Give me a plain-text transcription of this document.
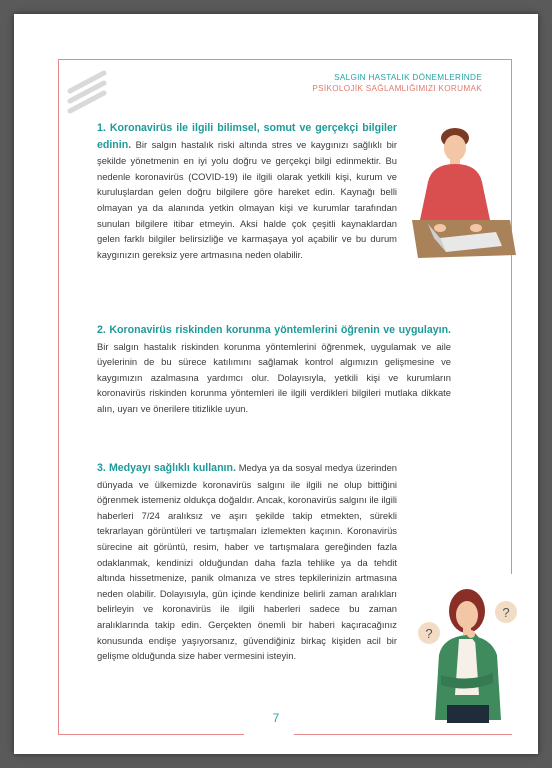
SALGIN HASTALIK DÖNEMLERİNDE
PSİKOLOJİK SAĞLAMLIĞIMIZI KORUMAK
1. Koronavirüs ile ilgili bilimsel, somut ve gerçekçi bilgiler edinin. Bir salgın hastalık riski altında stres ve kaygınızı sağlıklı bir şekilde yönetmenin en iyi yolu doğru ve gerçekçi bilgi edinmektir. Bu nedenle koronavirüs (COVID-19) ile ilgili olarak yetkili kişi, kurum ve kuruluşlardan gelen doğru bilgilere göre hareket edin. Kaynağı belli olmayan ya da alanında yetkin olmayan kişi ve kurumlar tarafından sunulan bilgilere itibar etmeyin. Aksi halde çok çeşitli kaynaklardan gelen farklı bilgiler belirsizliğe ve karmaşaya yol açabilir ve bu durum kaygınızın gereksiz yere artmasına neden olabilir.
2. Koronavirüs riskinden korunma yöntemlerini öğrenin ve uygulayın. Bir salgın hastalık riskinden korunma yöntemlerini öğrenmek, uygulamak ve aile üyelerinin de bu sürece katılımını sağlamak kontrol algımızın gelişmesine ve kaygımızın azalmasına yardımcı olur. Dolayısıyla, yetkili kişi ve kurumların koronavirüs riskinden korunma yöntemleri ile ilgili verdikleri bilgileri mutlaka dikkate alın, uyarı ve önerilere titizlikle uyun.
3. Medyayı sağlıklı kullanın. Medya ya da sosyal medya üzerinden dünyada ve ülkemizde koronavirüs salgını ile ilgili ne olup bittiğini öğrenmek istemeniz oldukça doğaldır. Ancak, koronavirüs salgını ile ilgili haberleri 7/24 aralıksız ve aşırı şekilde takip etmekten, sürekli tekrarlayan görüntüleri ve tartışmaları izlemekten kaçının. Koronavirüs sürecine ait görüntü, resim, haber ve tartışmalara gereğinden fazla odaklanmak, kendinizi olduğundan daha fazla tehlike ya da tehdit altında hissetmenize, panik olmanıza ve stres tepkilerinizin artmasına neden olabilir. Dolayısıyla, gün içinde kendinize belirli zaman aralıkları belirleyin ve koronavirüs ile ilgili haberleri sadece bu zaman aralıklarında takip edin. Gerçekten önemli bir haberi kaçıracağınız konusunda endişe yaşıyorsanız, güvendiğiniz birkaç kişiden acil bir gelişme olduğunda size haber vermesini isteyin.
?
?
7
